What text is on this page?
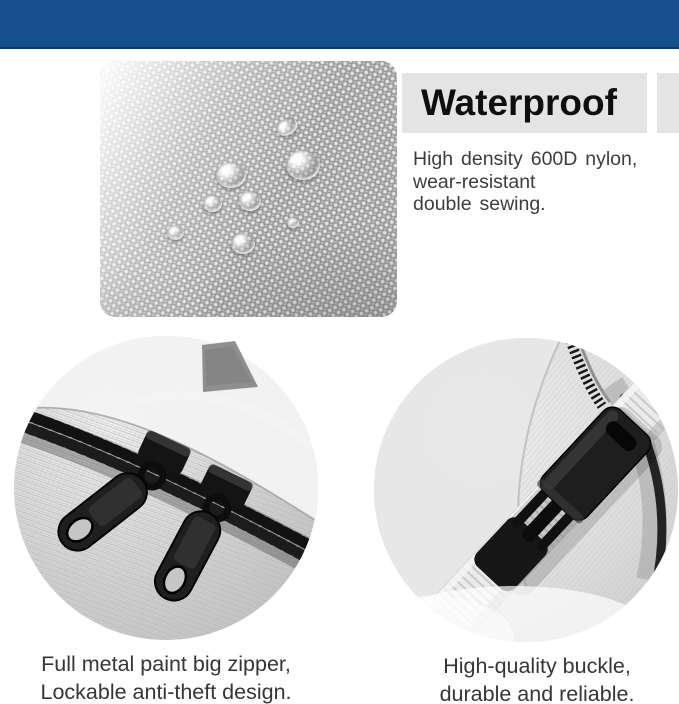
Waterproof
High density 600D nylon,
wear-resistant
double sewing.
Full metal paint big zipper,
Lockable anti-theft design.
High-quality buckle,
durable and reliable.
